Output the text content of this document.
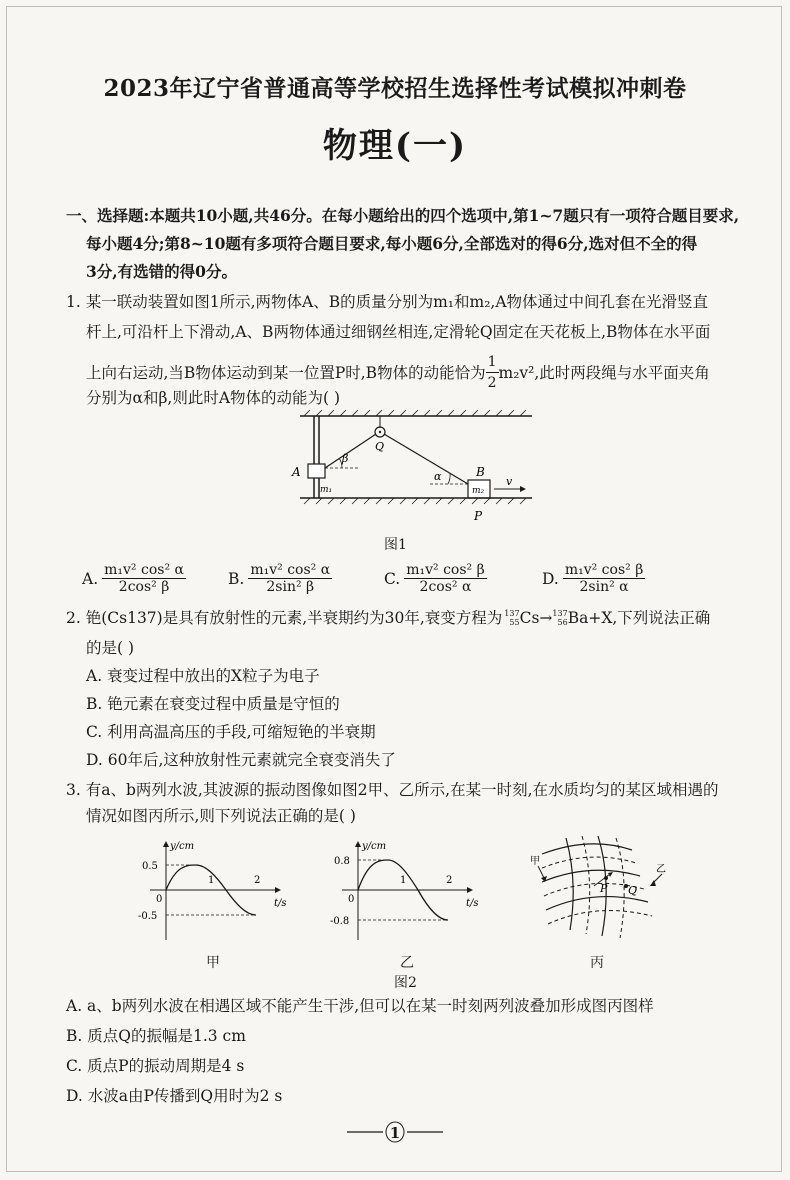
2023年辽宁省普通高等学校招生选择性考试模拟冲刺卷
物理(一)
一、选择题:本题共10小题,共46分。在每小题给出的四个选项中,第1~7题只有一项符合题目要求,
每小题4分;第8~10题有多项符合题目要求,每小题6分,全部选对的得6分,选对但不全的得
3分,有选错的得0分。
1. 某一联动装置如图1所示,两物体A、B的质量分别为m₁和m₂,A物体通过中间孔套在光滑竖直
杆上,可沿杆上下滑动,A、B两物体通过细钢丝相连,定滑轮Q固定在天花板上,B物体在水平面
上向右运动,当B物体运动到某一位置P时,B物体的动能恰为 $\frac{1}{2} m_2v^2$,此时两段绳与水平面夹角
分别为α和β,则此时A物体的动能为( )
A
m₁
β
Q
B
α
m₂
v
P
图1
A. $\frac{\text{m₁v² cos² α}}{\text{2cos² β}}$	B. $\frac{\text{m₁v² cos² α}}{\text{2sin² β}}$	C. $\frac{\text{m₁v² cos² β}}{\text{2cos² α}}$	D. $\frac{\text{m₁v² cos² β}}{\text{2sin² α}}$
2. 铯(Cs137)是具有放射性的元素,半衰期约为30年,衰变方程为 137
55 Cs → 137
56 Ba +X ,下列说法正确
的是( )
A. 衰变过程中放出的X粒子为电子
B. 铯元素在衰变过程中质量是守恒的
C. 利用高温高压的手段,可缩短铯的半衰期
D. 60年后,这种放射性元素就完全衰变消失了
3. 有a、b两列水波,其波源的振动图像如图2甲、乙所示,在某一时刻,在水质均匀的某区域相遇的
情况如图丙所示,则下列说法正确的是( )
y/cm
t/s
0.5
-0.5
0
1	2
y/cm
t/s
0.8
-0.8
0
1	2
甲
乙
P Q
甲	乙	丙
图2
A. a、b两列水波在相遇区域不能产生干涉,但可以在某一时刻两列波叠加形成图丙图样
B. 质点Q的振幅是1.3 cm
C. 质点P的振动周期是4 s
D. 水波a由P传播到Q用时为2 s
1
